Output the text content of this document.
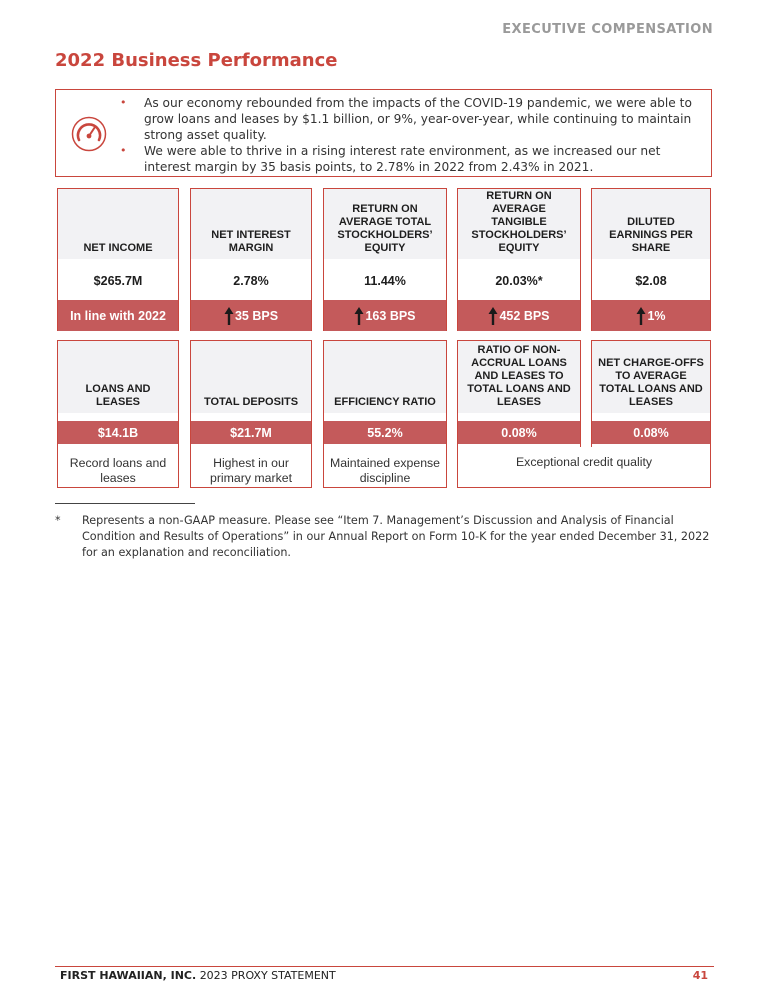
EXECUTIVE COMPENSATION
2022 Business Performance
• As our economy rebounded from the impacts of the COVID-19 pandemic, we were able to grow loans and leases by $1.1 billion, or 9%, year-over-year, while continuing to maintain strong asset quality.
• We were able to thrive in a rising interest rate environment, as we increased our net interest margin by 35 basis points, to 2.78% in 2022 from 2.43% in 2021.
NET INCOME
$265.7M
In line with 2022
NET INTEREST MARGIN
2.78%
35 BPS
RETURN ON AVERAGE TOTAL STOCKHOLDERS’ EQUITY
11.44%
163 BPS
RETURN ON AVERAGE TANGIBLE STOCKHOLDERS’ EQUITY
20.03%*
452 BPS
DILUTED EARNINGS PER SHARE
$2.08
1%
LOANS AND LEASES
$14.1B
Record loans and leases
TOTAL DEPOSITS
$21.7M
Highest in our primary market
EFFICIENCY RATIO
55.2%
Maintained expense discipline
RATIO OF NON-ACCRUAL LOANS AND LEASES TO TOTAL LOANS AND LEASES
0.08%
NET CHARGE-OFFS TO AVERAGE TOTAL LOANS AND LEASES
0.08%
Exceptional credit quality
*	Represents a non-GAAP measure. Please see “Item 7. Management’s Discussion and Analysis of Financial Condition and Results of Operations” in our Annual Report on Form 10-K for the year ended December 31, 2022 for an explanation and reconciliation.
FIRST HAWAIIAN, INC. 2023 PROXY STATEMENT	41
